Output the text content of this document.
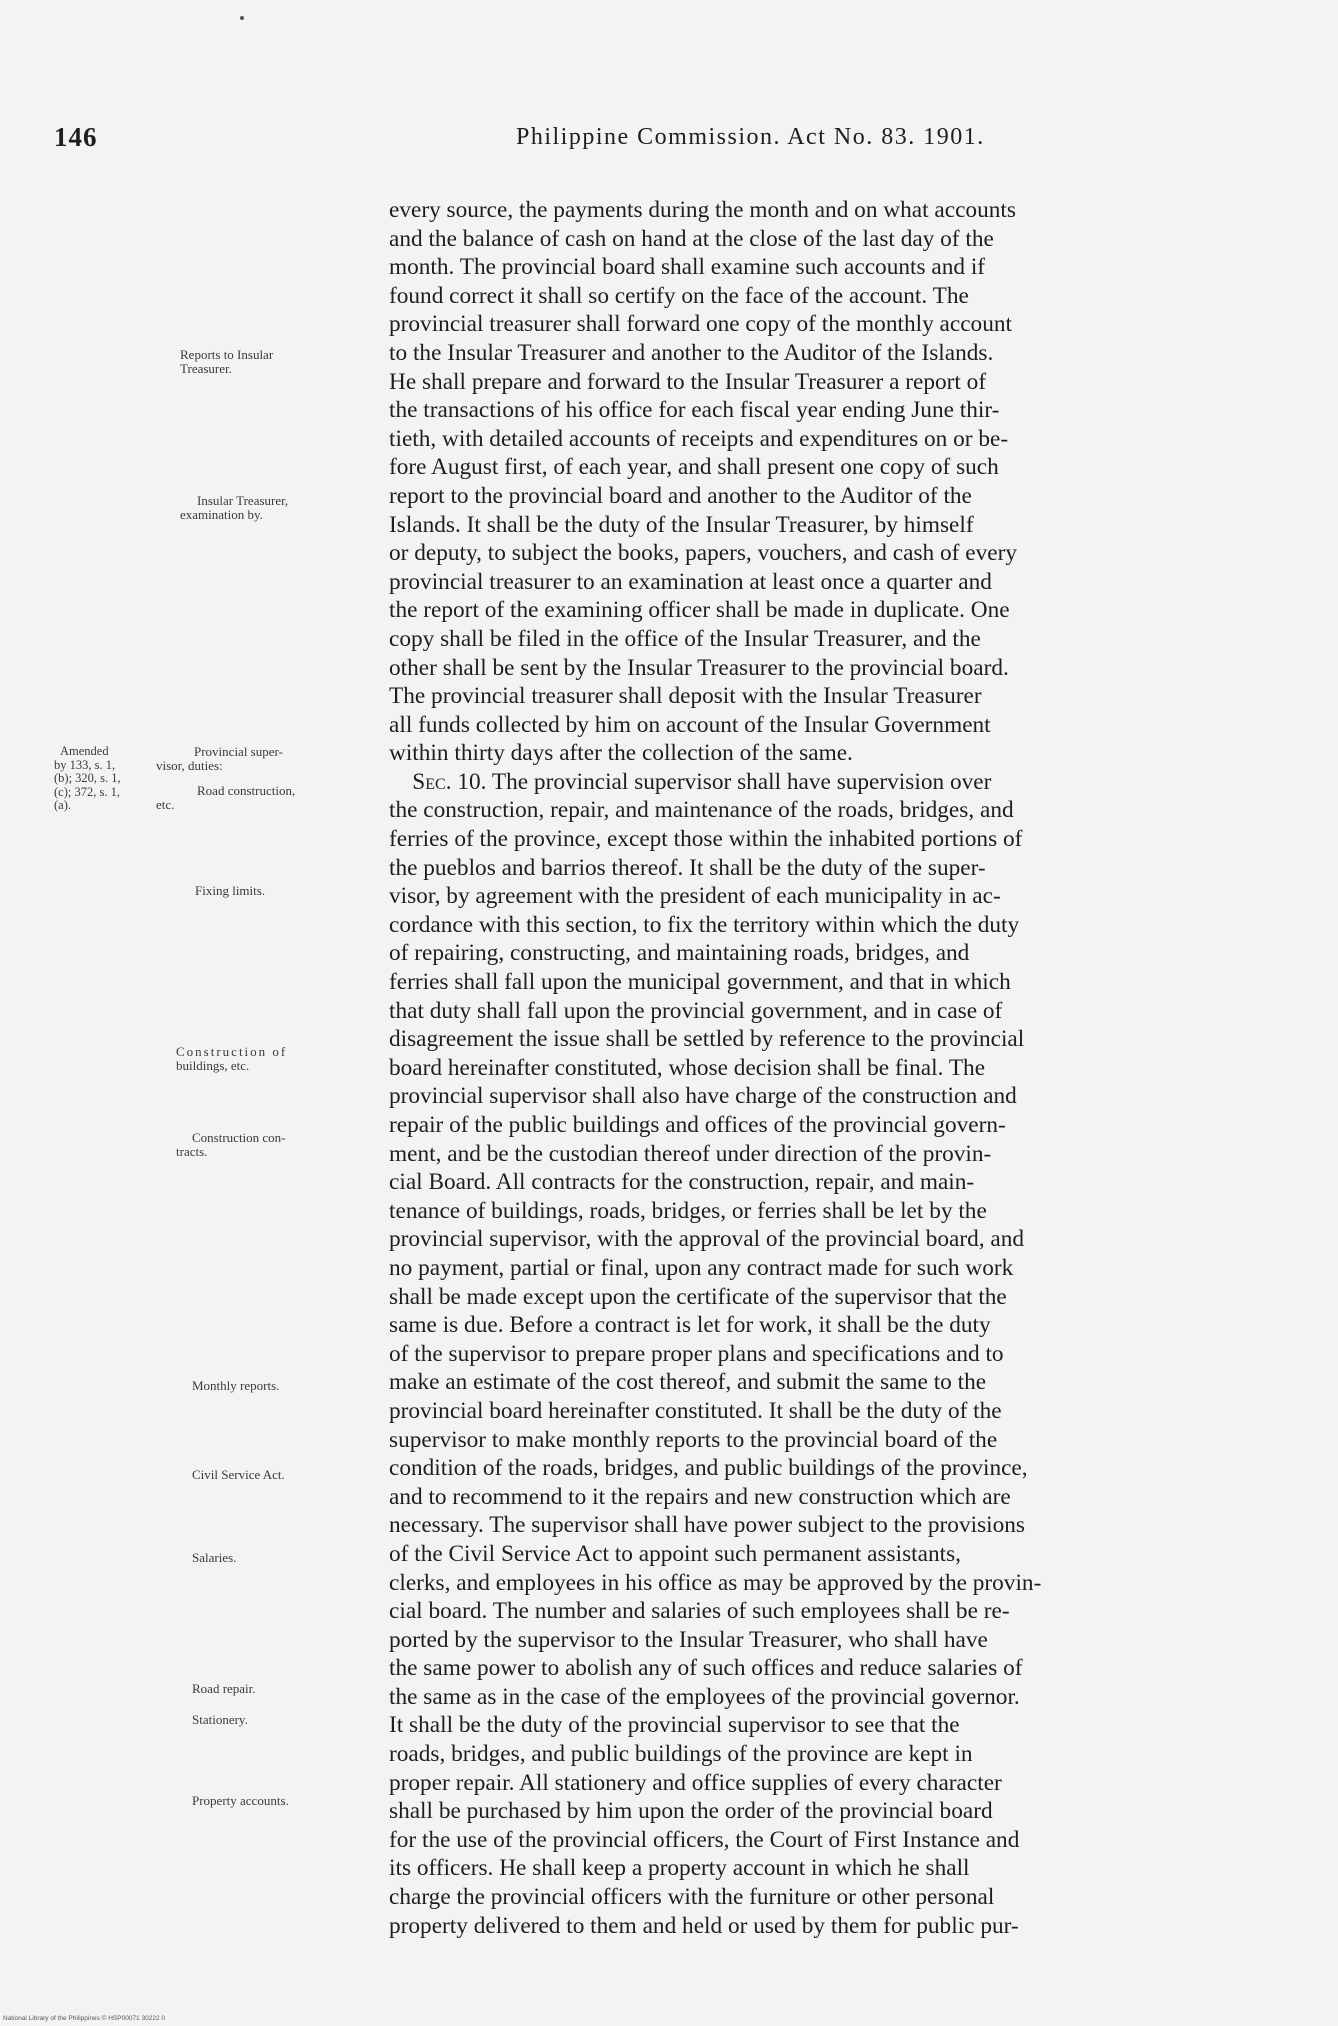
146	Philippine Commission. Act No. 83. 1901.
Reports to Insular
Treasurer.
Insular Treasurer,
examination by.
Amended
by 133, s. 1,
(b); 320, s. 1,
(c); 372, s. 1,
(a).
Provincial super-
visor, duties:
Road construction,
etc.
Fixing limits.
Construction of
buildings, etc.
Construction con-
tracts.
Monthly reports.
Civil Service Act.
Salaries.
Road repair.
Stationery.
Property accounts.
every source, the payments during the month and on what accounts
and the balance of cash on hand at the close of the last day of the
month. The provincial board shall examine such accounts and if
found correct it shall so certify on the face of the account. The
provincial treasurer shall forward one copy of the monthly account
to the Insular Treasurer and another to the Auditor of the Islands.
He shall prepare and forward to the Insular Treasurer a report of
the transactions of his office for each fiscal year ending June thir-
tieth, with detailed accounts of receipts and expenditures on or be-
fore August first, of each year, and shall present one copy of such
report to the provincial board and another to the Auditor of the
Islands. It shall be the duty of the Insular Treasurer, by himself
or deputy, to subject the books, papers, vouchers, and cash of every
provincial treasurer to an examination at least once a quarter and
the report of the examining officer shall be made in duplicate. One
copy shall be filed in the office of the Insular Treasurer, and the
other shall be sent by the Insular Treasurer to the provincial board.
The provincial treasurer shall deposit with the Insular Treasurer
all funds collected by him on account of the Insular Government
within thirty days after the collection of the same.
 Sec. 10. The provincial supervisor shall have supervision over
the construction, repair, and maintenance of the roads, bridges, and
ferries of the province, except those within the inhabited portions of
the pueblos and barrios thereof. It shall be the duty of the super-
visor, by agreement with the president of each municipality in ac-
cordance with this section, to fix the territory within which the duty
of repairing, constructing, and maintaining roads, bridges, and
ferries shall fall upon the municipal government, and that in which
that duty shall fall upon the provincial government, and in case of
disagreement the issue shall be settled by reference to the provincial
board hereinafter constituted, whose decision shall be final. The
provincial supervisor shall also have charge of the construction and
repair of the public buildings and offices of the provincial govern-
ment, and be the custodian thereof under direction of the provin-
cial Board. All contracts for the construction, repair, and main-
tenance of buildings, roads, bridges, or ferries shall be let by the
provincial supervisor, with the approval of the provincial board, and
no payment, partial or final, upon any contract made for such work
shall be made except upon the certificate of the supervisor that the
same is due. Before a contract is let for work, it shall be the duty
of the supervisor to prepare proper plans and specifications and to
make an estimate of the cost thereof, and submit the same to the
provincial board hereinafter constituted. It shall be the duty of the
supervisor to make monthly reports to the provincial board of the
condition of the roads, bridges, and public buildings of the province,
and to recommend to it the repairs and new construction which are
necessary. The supervisor shall have power subject to the provisions
of the Civil Service Act to appoint such permanent assistants,
clerks, and employees in his office as may be approved by the provin-
cial board. The number and salaries of such employees shall be re-
ported by the supervisor to the Insular Treasurer, who shall have
the same power to abolish any of such offices and reduce salaries of
the same as in the case of the employees of the provincial governor.
It shall be the duty of the provincial supervisor to see that the
roads, bridges, and public buildings of the province are kept in
proper repair. All stationery and office supplies of every character
shall be purchased by him upon the order of the provincial board
for the use of the provincial officers, the Court of First Instance and
its officers. He shall keep a property account in which he shall
charge the provincial officers with the furniture or other personal
property delivered to them and held or used by them for public pur-
National Library of the Philippines © HSP00071 30222 0
